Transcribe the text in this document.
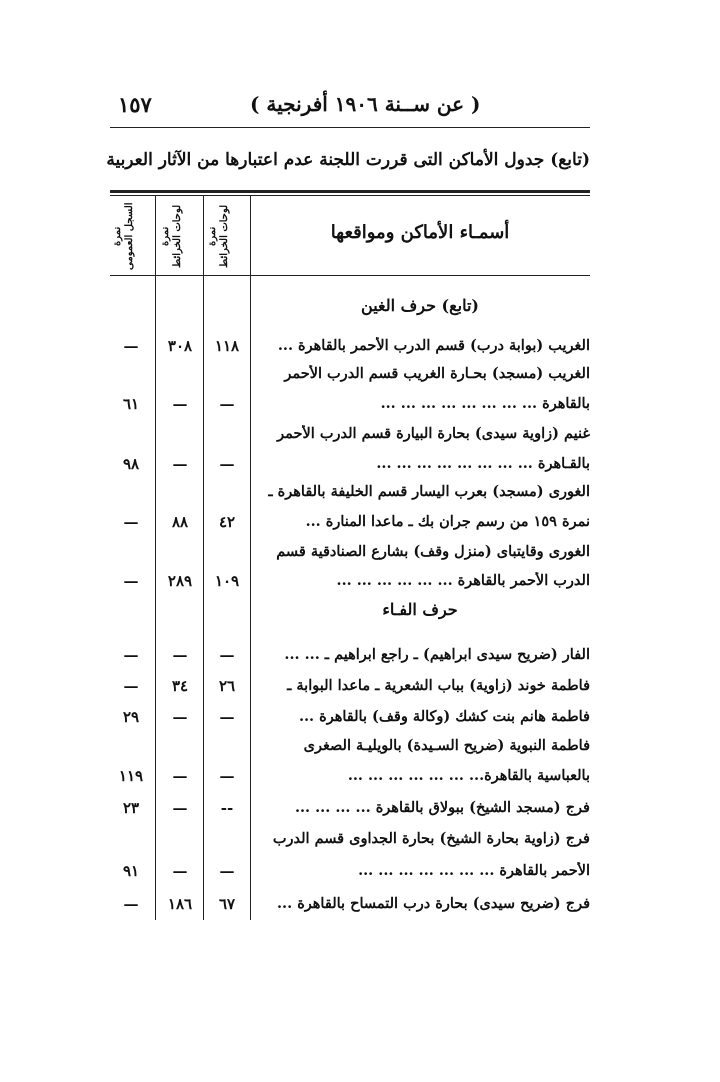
١٥٧	( عن ســنة ١٩٠٦ أفرنجية )
(تابع) جدول الأماكن التى قررت اللجنة عدم اعتبارها من الآثار العربية
أسمـاء الأماكن ومواقعها
نمرة
لوحات الخرائط
نمرة
لوحات الخرائط
نمرة
السجل العمومى
(تابع) حرف الغين
حرف الفـاء
الغريب (بوابة درب) قسم الدرب الأحمر بالقاهرة ...
الغريب (مسجد) بحـارة الغريب قسم الدرب الأحمر
بالقاهرة ... ... ... ... ... ... ... ...
غنيم (زاوية سيدى) بحارة البيارة قسم الدرب الأحمر
بالقـاهرة ... ... ... ... ... ... ... ...
الغورى (مسجد) بعرب اليسار قسم الخليفة بالقاهرة ـ
نمرة ١٥٩ من رسم جران بك ـ ماعدا المنارة ...
الغورى وقايتباى (منزل وقف) بشارع الصنادقية قسم
الدرب الأحمر بالقاهرة ... ... ... ... ... ...
الفار (ضريح سيدى ابراهيم) ـ راجع ابراهيم ـ ... ...
فاطمة خوند (زاوية) بباب الشعرية ـ ماعدا البوابة ـ
فاطمة هانم بنت كشك (وكالة وقف) بالقاهرة ...
فاطمة النبوية (ضريح السـيدة) بالويليـة الصغرى
بالعباسية بالقاهرة... ... ... ... ... ... ...
فرج (مسجد الشيخ) ببولاق بالقاهرة ... ... ... ...
فرج (زاوية بحارة الشيخ) بحارة الجداوى قسم الدرب
الأحمر بالقاهرة ... ... ... ... ... ... ...
فرج (ضريح سيدى) بحارة درب التمساح بالقاهرة ...
١١٨
٣٠٨
—
—
—
٦١
—
—
٩٨
٤٢
٨٨
—
١٠٩
٢٨٩
—
—
—
—
٢٦
٣٤
—
—
—
٢٩
—
—
١١٩
--
—
٢٣
—
—
٩١
٦٧
١٨٦
—
